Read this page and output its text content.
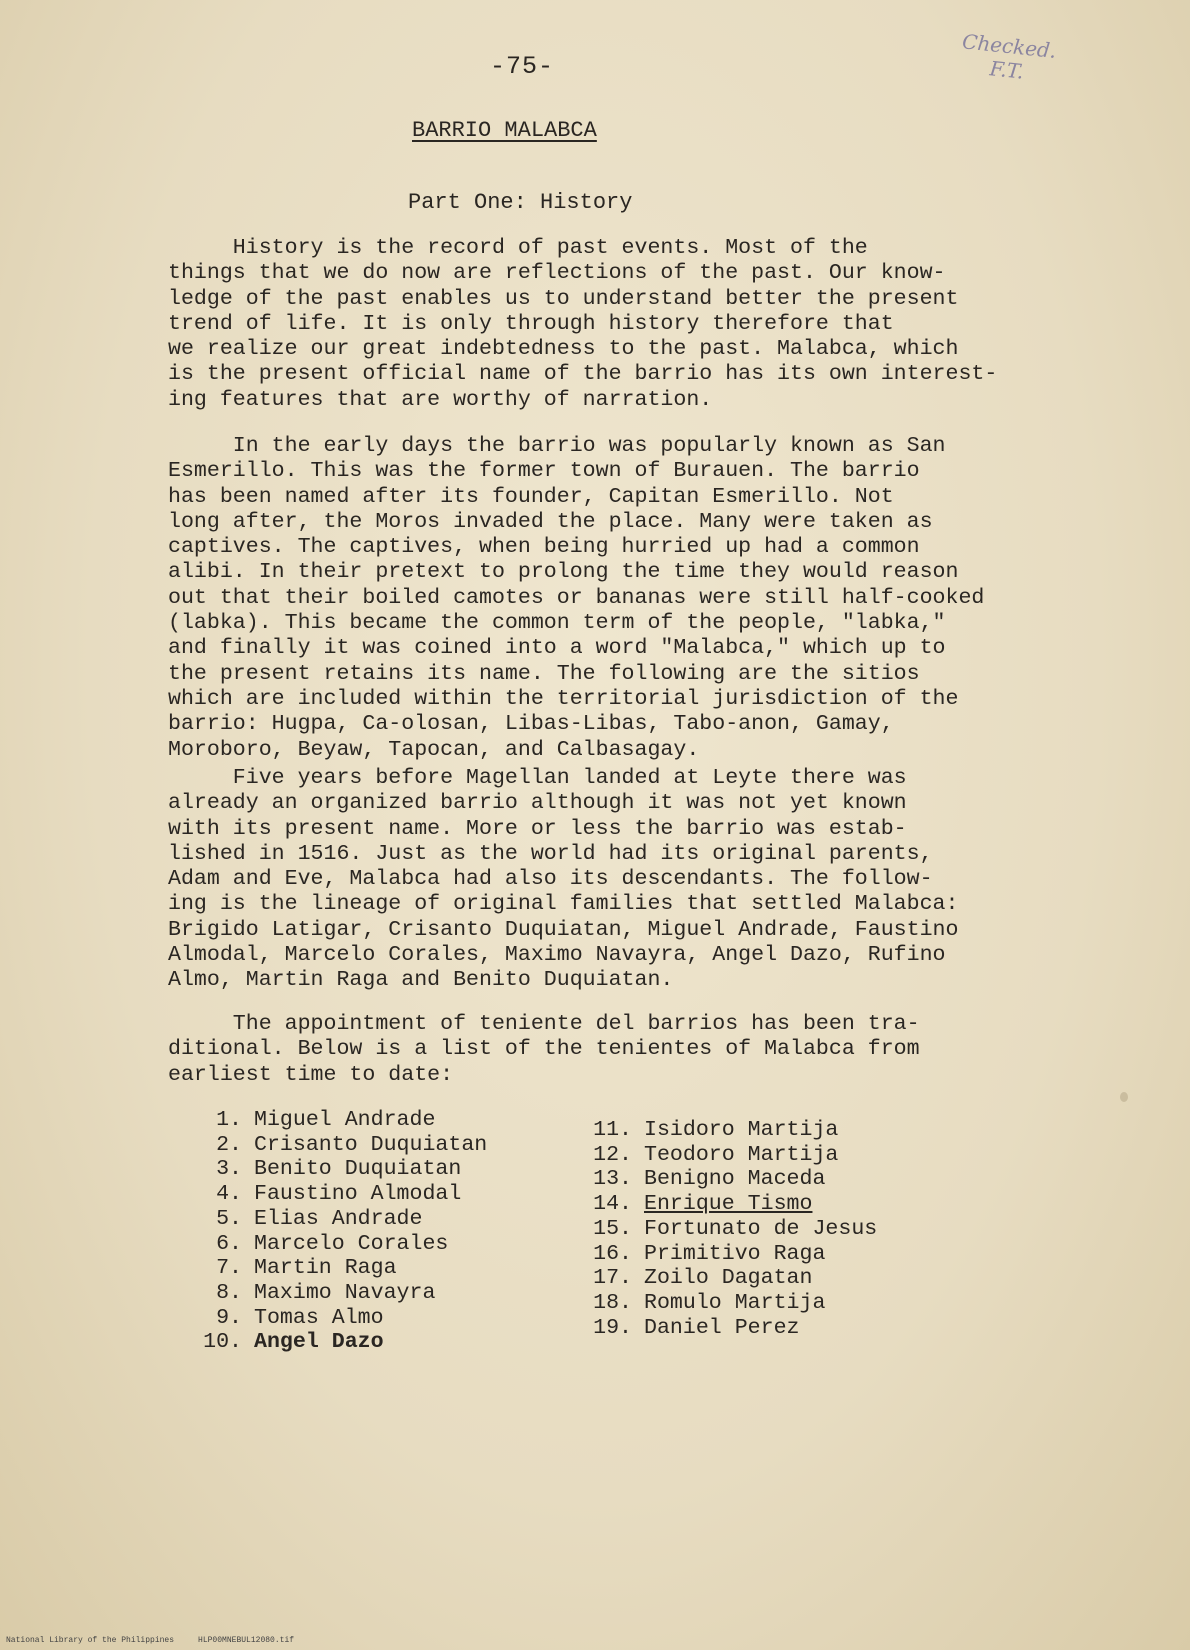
-75-
Checked. F.T.
BARRIO MALABCA
Part One: History

History is the record of past events. Most of the
things that we do now are reflections of the past. Our know-
ledge of the past enables us to understand better the present
trend of life. It is only through history therefore that
we realize our great indebtedness to the past. Malabca, which
is the present official name of the barrio has its own interest-
ing features that are worthy of narration.

In the early days the barrio was popularly known as San
Esmerillo. This was the former town of Burauen. The barrio
has been named after its founder, Capitan Esmerillo. Not
long after, the Moros invaded the place. Many were taken as
captives. The captives, when being hurried up had a common
alibi. In their pretext to prolong the time they would reason
out that their boiled camotes or bananas were still half-cooked
(labka). This became the common term of the people, "labka,"
and finally it was coined into a word "Malabca," which up to
the present retains its name. The following are the sitios
which are included within the territorial jurisdiction of the
barrio: Hugpa, Ca-olosan, Libas-Libas, Tabo-anon, Gamay,
Moroboro, Beyaw, Tapocan, and Calbasagay.

Five years before Magellan landed at Leyte there was
already an organized barrio although it was not yet known
with its present name. More or less the barrio was estab-
lished in 1516. Just as the world had its original parents,
Adam and Eve, Malabca had also its descendants. The follow-
ing is the lineage of original families that settled Malabca:
Brigido Latigar, Crisanto Duquiatan, Miguel Andrade, Faustino
Almodal, Marcelo Corales, Maximo Navayra, Angel Dazo, Rufino
Almo, Martin Raga and Benito Duquiatan.

The appointment of teniente del barrios has been tra-
ditional. Below is a list of the tenientes of Malabca from
earliest time to date:

1. Miguel Andrade
2. Crisanto Duquiatan
3. Benito Duquiatan
4. Faustino Almodal
5. Elias Andrade
6. Marcelo Corales
7. Martin Raga
8. Maximo Navayra
9. Tomas Almo
10. Angel Dazo
11. Isidoro Martija
12. Teodoro Martija
13. Benigno Maceda
14. Enrique Tismo
15. Fortunato de Jesus
16. Primitivo Raga
17. Zoilo Dagatan
18. Romulo Martija
19. Daniel Perez
National Library of the Philippines     HLP00MNEBUL12080.tif
